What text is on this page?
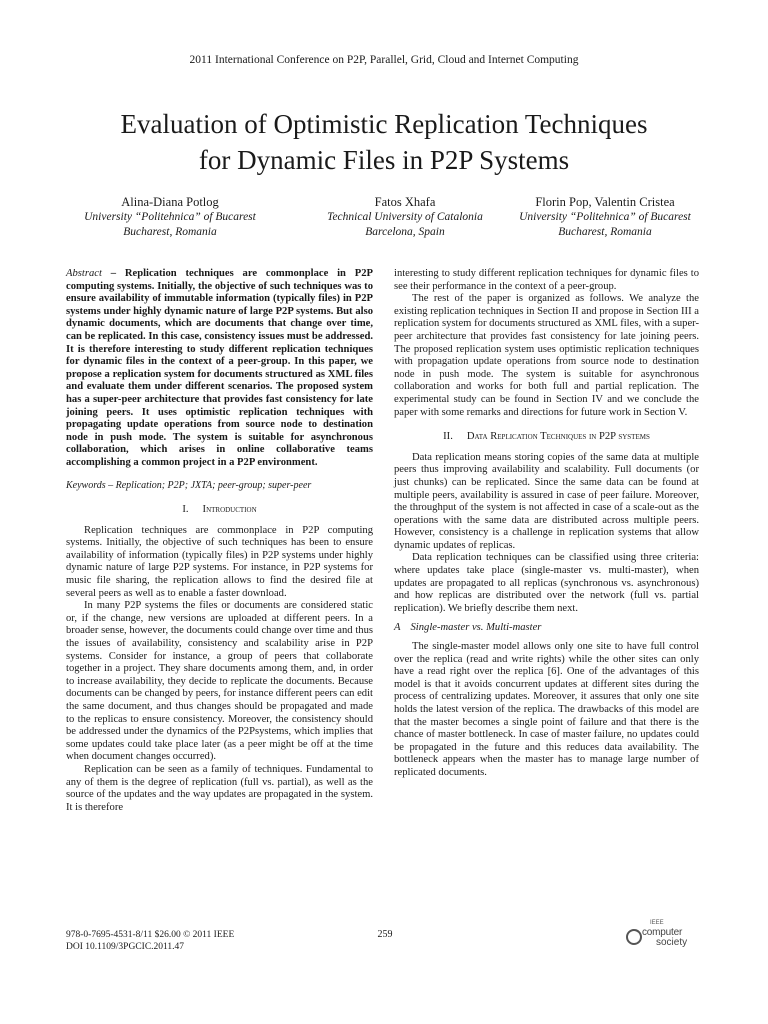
2011 International Conference on P2P, Parallel, Grid, Cloud and Internet Computing
Evaluation of Optimistic Replication Techniques
for Dynamic Files in P2P Systems
Alina-Diana Potlog
University “Politehnica” of Bucarest
Bucharest, Romania
Fatos Xhafa
Technical University of Catalonia
Barcelona, Spain
Florin Pop, Valentin Cristea
University “Politehnica” of Bucarest
Bucharest, Romania

Abstract – Replication techniques are commonplace in P2P computing systems. Initially, the objective of such techniques was to ensure availability of immutable information (typically files) in P2P systems under highly dynamic nature of large P2P systems. But also dynamic documents, which are documents that change over time, can be replicated. In this case, consistency issues must be addressed. It is therefore interesting to study different replication techniques for dynamic files in the context of a peer-group. In this paper, we propose a replication system for documents structured as XML files and evaluate them under different scenarios. The proposed system has a super-peer architecture that provides fast consistency for late joining peers. It uses optimistic replication techniques with propagating update operations from source node to destination node in push mode. The system is suitable for asynchronous collaboration, which arises in online collaborative teams accomplishing a common project in a P2P environment.

Keywords – Replication; P2P; JXTA; peer-group; super-peer

I. Introduction

Replication techniques are commonplace in P2P computing systems. Initially, the objective of such techniques has been to ensure availability of information (typically files) in P2P systems under highly dynamic nature of large P2P systems. For instance, in P2P systems for music file sharing, the replication allows to find the desired file at several peers as well as to enable a faster download.

In many P2P systems the files or documents are considered static or, if the change, new versions are uploaded at different peers. In a broader sense, however, the documents could change over time and thus the issues of availability, consistency and scalability arise in P2P systems. Consider for instance, a group of peers that collaborate together in a project. They share documents among them, and, in order to increase availability, they decide to replicate the documents. Because documents can be changed by peers, for instance different peers can edit the same document, and thus changes should be propagated and made to the replicas to ensure consistency. Moreover, the consistency should be addressed under the dynamics of the P2Psystems, which implies that some updates could take place later (as a peer might be off at the time when document changes occurred).

Replication can be seen as a family of techniques. Fundamental to any of them is the degree of replication (full vs. partial), as well as the source of the updates and the way updates are propagated in the system. It is therefore

interesting to study different replication techniques for dynamic files to see their performance in the context of a peer-group.

The rest of the paper is organized as follows. We analyze the existing replication techniques in Section II and propose in Section III a replication system for documents structured as XML files, with a super-peer architecture that provides fast consistency for late joining peers. The proposed replication system uses optimistic replication techniques with propagation update operations from source node to destination node in push mode. The system is suitable for asynchronous collaboration and works for both full and partial replication. The experimental study can be found in Section IV and we conclude the paper with some remarks and directions for future work in Section V.

II. Data Replication Techniques in P2P systems

Data replication means storing copies of the same data at multiple peers thus improving availability and scalability. Full documents (or just chunks) can be replicated. Since the same data can be found at multiple peers, availability is assured in case of peer failure. Moreover, the throughput of the system is not affected in case of a scale-out as the operations with the same data are distributed across multiple peers. However, consistency is a challenge in replication systems that allow dynamic updates of replicas.

Data replication techniques can be classified using three criteria: where updates take place (single-master vs. multi-master), when updates are propagated to all replicas (synchronous vs. asynchronous) and how replicas are distributed over the network (full vs. partial replication). We briefly describe them next.

A Single-master vs. Multi-master

The single-master model allows only one site to have full control over the replica (read and write rights) while the other sites can only have a read right over the replica [6]. One of the advantages of this model is that it avoids concurrent updates at different sites during the process of centralizing updates. Moreover, it assures that only one site holds the latest version of the replica. The drawbacks of this model are that the master becomes a single point of failure and that there is the chance of master bottleneck. In case of master failure, no updates could be propagated in the future and this reduces data availability. The bottleneck appears when the master has to manage large number of replicated documents.

978-0-7695-4531-8/11 $26.00 © 2011 IEEE
DOI 10.1109/3PGCIC.2011.47
259
IEEE
computer
society
